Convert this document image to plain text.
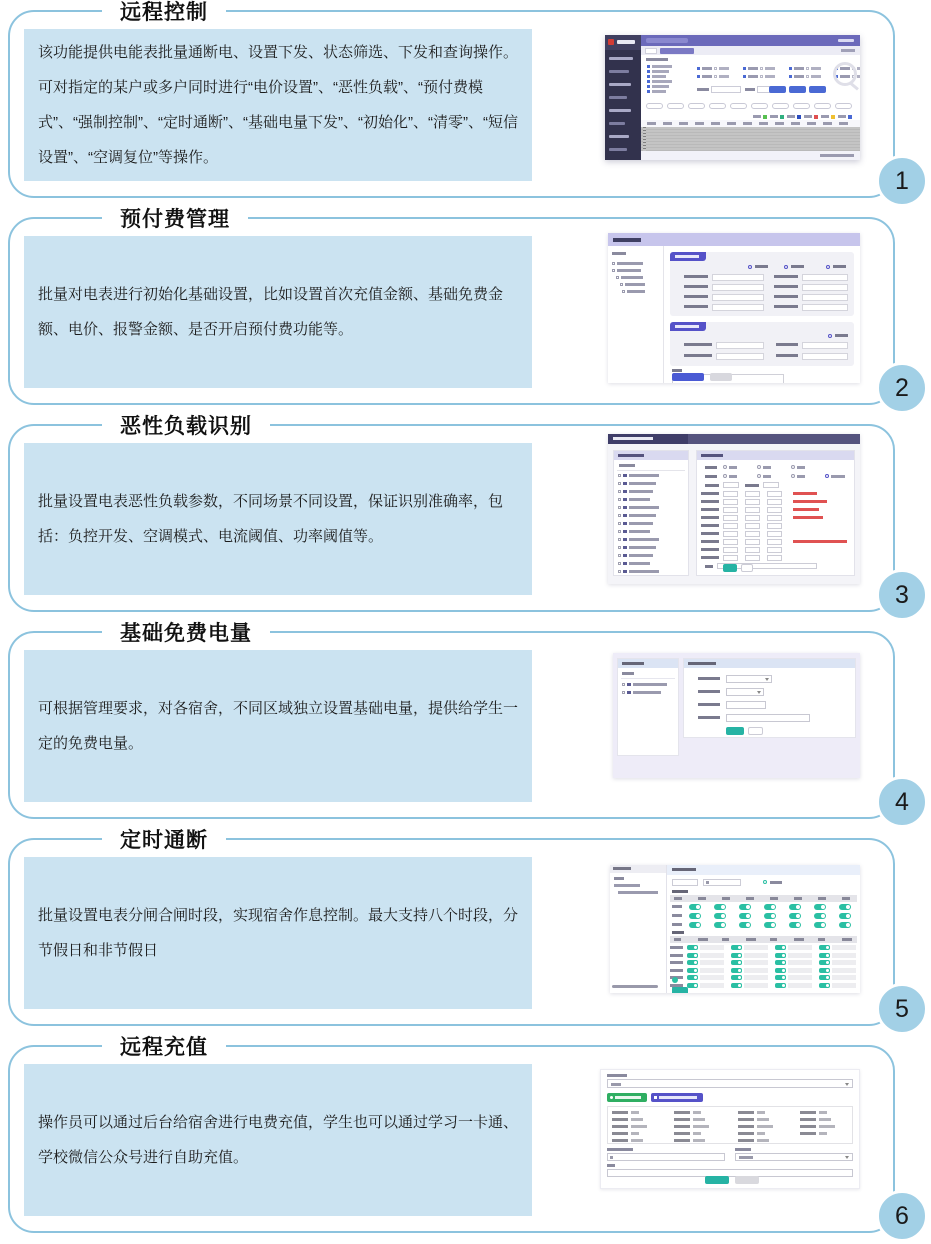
远程控制

该功能提供电能表批量通断电、设置下发、状态筛选、下发和查询操作。可对指定的某户或多户同时进行“电价设置”、“恶性负载”、“预付费模式”、“强制控制”、“定时通断”、“基础电量下发”、“初始化”、“清零”、“短信设置”、“空调复位”等操作。

1
预付费管理

批量对电表进行初始化基础设置，比如设置首次充值金额、基础免费金额、电价、报警金额、是否开启预付费功能等。

2
恶性负载识别

批量设置电表恶性负载参数，不同场景不同设置，保证识别准确率，包括：负控开发、空调模式、电流阈值、功率阈值等。

3
基础免费电量

可根据管理要求，对各宿舍，不同区域独立设置基础电量，提供给学生一定的免费电量。

4
定时通断

批量设置电表分闸合闸时段，实现宿舍作息控制。最大支持八个时段，分节假日和非节假日

5
远程充值

操作员可以通过后台给宿舍进行电费充值，学生也可以通过学习一卡通、学校微信公众号进行自助充值。

6
